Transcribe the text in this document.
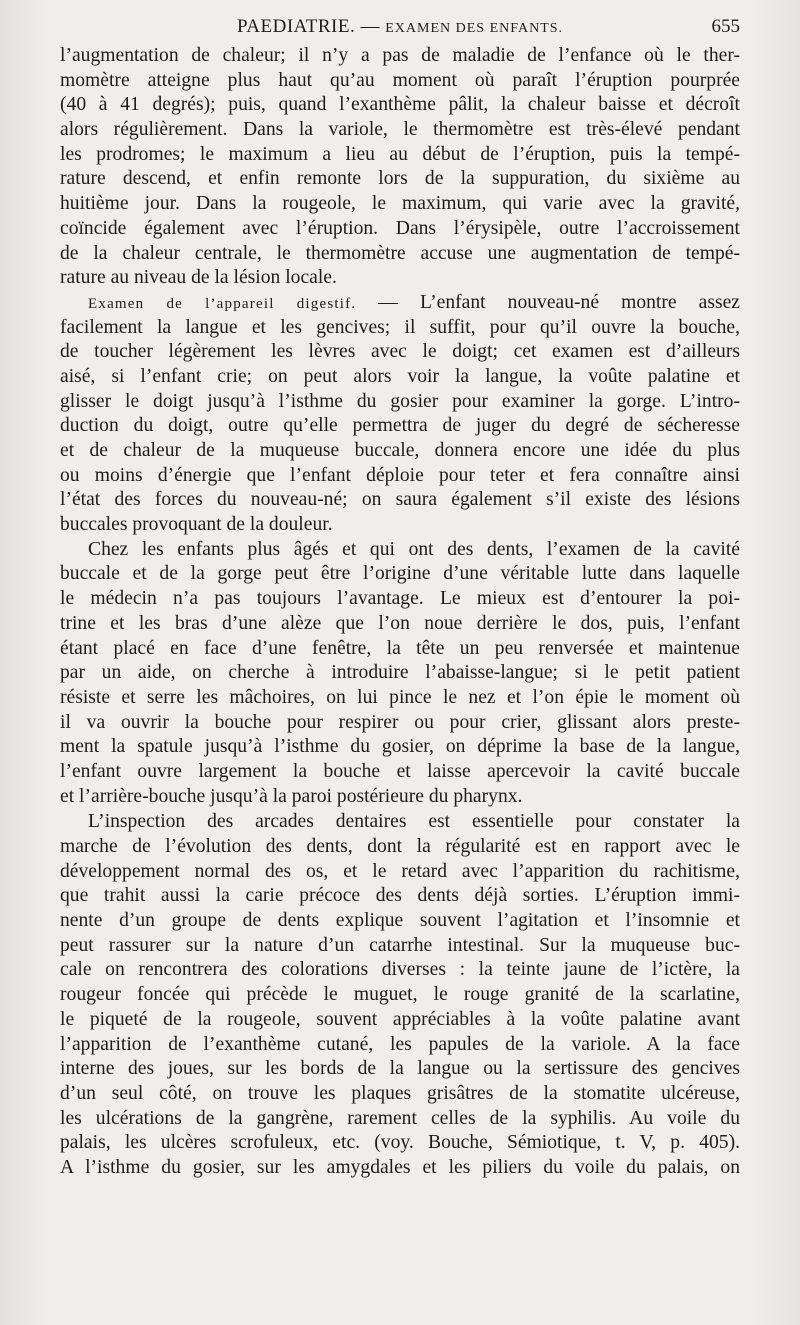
PAEDIATRIE. — EXAMEN DES ENFANTS.	655
l’augmentation de chaleur; il n’y a pas de maladie de l’enfance où le ther-
momètre atteigne plus haut qu’au moment où paraît l’éruption pourprée
(40 à 41 degrés); puis, quand l’exanthème pâlit, la chaleur baisse et décroît
alors régulièrement. Dans la variole, le thermomètre est très-élevé pendant
les prodromes; le maximum a lieu au début de l’éruption, puis la tempé-
rature descend, et enfin remonte lors de la suppuration, du sixième au
huitième jour. Dans la rougeole, le maximum, qui varie avec la gravité,
coïncide également avec l’éruption. Dans l’érysipèle, outre l’accroissement
de la chaleur centrale, le thermomètre accuse une augmentation de tempé-
rature au niveau de la lésion locale.
Examen de l’appareil digestif. — L’enfant nouveau-né montre assez
facilement la langue et les gencives; il suffit, pour qu’il ouvre la bouche,
de toucher légèrement les lèvres avec le doigt; cet examen est d’ailleurs
aisé, si l’enfant crie; on peut alors voir la langue, la voûte palatine et
glisser le doigt jusqu’à l’isthme du gosier pour examiner la gorge. L’intro-
duction du doigt, outre qu’elle permettra de juger du degré de sécheresse
et de chaleur de la muqueuse buccale, donnera encore une idée du plus
ou moins d’énergie que l’enfant déploie pour teter et fera connaître ainsi
l’état des forces du nouveau-né; on saura également s’il existe des lésions
buccales provoquant de la douleur.
Chez les enfants plus âgés et qui ont des dents, l’examen de la cavité
buccale et de la gorge peut être l’origine d’une véritable lutte dans laquelle
le médecin n’a pas toujours l’avantage. Le mieux est d’entourer la poi-
trine et les bras d’une alèze que l’on noue derrière le dos, puis, l’enfant
étant placé en face d’une fenêtre, la tête un peu renversée et maintenue
par un aide, on cherche à introduire l’abaisse-langue; si le petit patient
résiste et serre les mâchoires, on lui pince le nez et l’on épie le moment où
il va ouvrir la bouche pour respirer ou pour crier, glissant alors preste-
ment la spatule jusqu’à l’isthme du gosier, on déprime la base de la langue,
l’enfant ouvre largement la bouche et laisse apercevoir la cavité buccale
et l’arrière-bouche jusqu’à la paroi postérieure du pharynx.
L’inspection des arcades dentaires est essentielle pour constater la
marche de l’évolution des dents, dont la régularité est en rapport avec le
développement normal des os, et le retard avec l’apparition du rachitisme,
que trahit aussi la carie précoce des dents déjà sorties. L’éruption immi-
nente d’un groupe de dents explique souvent l’agitation et l’insomnie et
peut rassurer sur la nature d’un catarrhe intestinal. Sur la muqueuse buc-
cale on rencontrera des colorations diverses : la teinte jaune de l’ictère, la
rougeur foncée qui précède le muguet, le rouge granité de la scarlatine,
le piqueté de la rougeole, souvent appréciables à la voûte palatine avant
l’apparition de l’exanthème cutané, les papules de la variole. A la face
interne des joues, sur les bords de la langue ou la sertissure des gencives
d’un seul côté, on trouve les plaques grisâtres de la stomatite ulcéreuse,
les ulcérations de la gangrène, rarement celles de la syphilis. Au voile du
palais, les ulcères scrofuleux, etc. (voy. Bouche, Sémiotique, t. V, p. 405).
A l’isthme du gosier, sur les amygdales et les piliers du voile du palais, on
